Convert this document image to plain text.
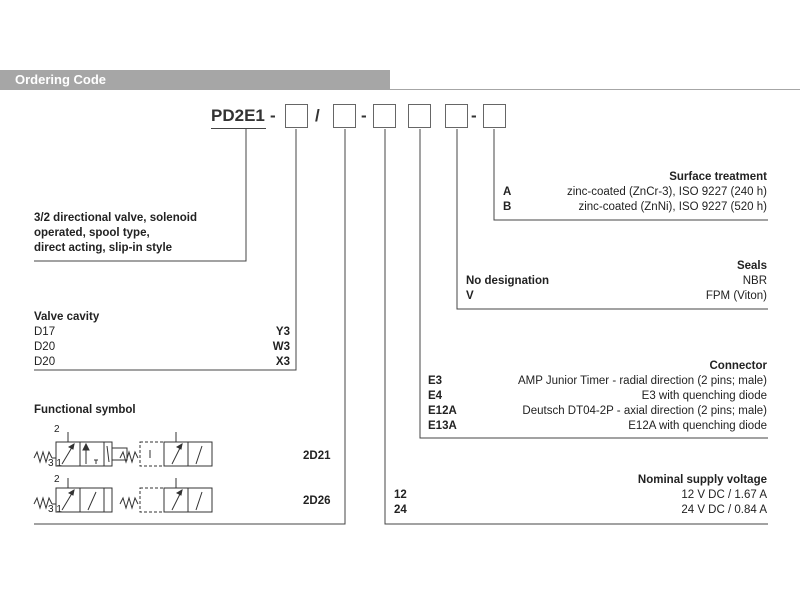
Ordering Code
PD2E1 - / -	-
3/2 directional valve, solenoid
operated, spool type,
direct acting, slip-in style
Valve cavity
D17	Y3
D20	W3
D20	X3
Functional symbol
2
3 1
2D21
2
3 1
2D26
Surface treatment
A	zinc-coated (ZnCr-3), ISO 9227 (240 h)
B	zinc-coated (ZnNi), ISO 9227 (520 h)
Seals
No designation	NBR
V	FPM (Viton)
Connector
E3	AMP Junior Timer - radial direction (2 pins; male)
E4	E3 with quenching diode
E12A	Deutsch DT04-2P - axial direction (2 pins; male)
E13A	E12A with quenching diode
Nominal supply voltage
12	12 V DC / 1.67 A
24	24 V DC / 0.84 A
